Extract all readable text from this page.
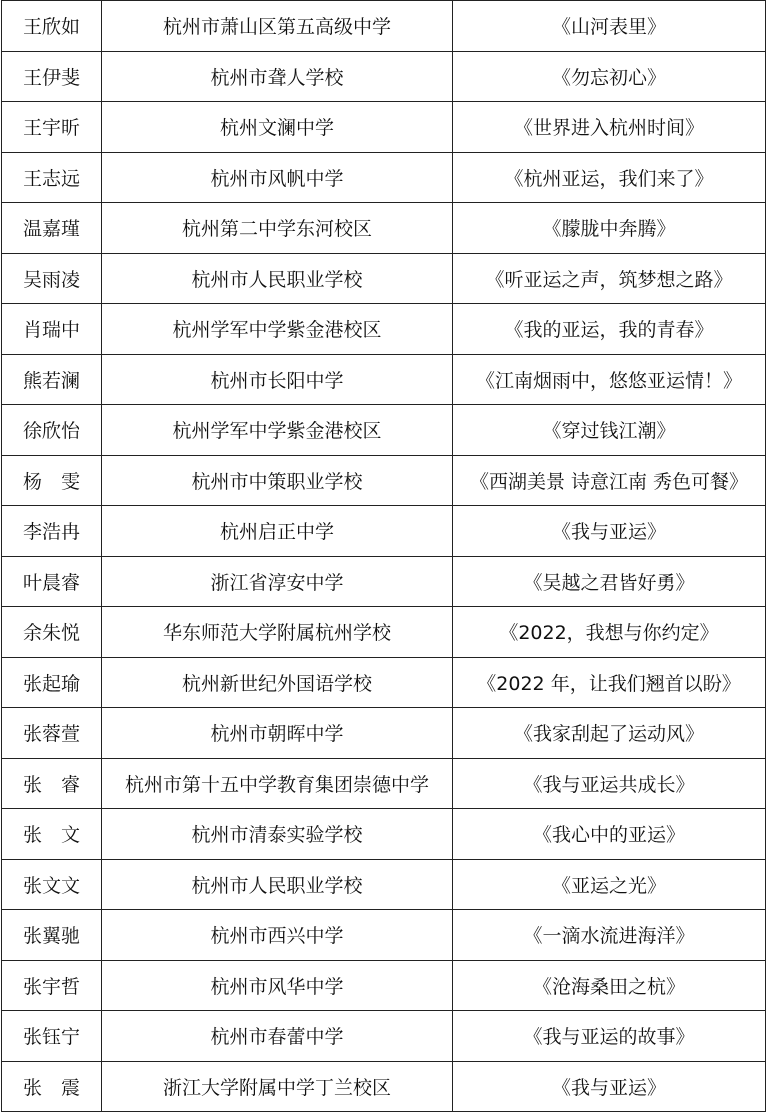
王欣如	杭州市萧山区第五高级中学	《山河表里》
王伊斐	杭州市聋人学校	《勿忘初心》
王宇昕	杭州文澜中学	《世界进入杭州时间》
王志远	杭州市风帆中学	《杭州亚运，我们来了》
温嘉瑾	杭州第二中学东河校区	《朦胧中奔腾》
吴雨凌	杭州市人民职业学校	《听亚运之声，筑梦想之路》
肖瑞中	杭州学军中学紫金港校区	《我的亚运，我的青春》
熊若澜	杭州市长阳中学	《江南烟雨中，悠悠亚运情！》
徐欣怡	杭州学军中学紫金港校区	《穿过钱江潮》
杨　雯	杭州市中策职业学校	《西湖美景 诗意江南 秀色可餐》
李浩冉	杭州启正中学	《我与亚运》
叶晨睿	浙江省淳安中学	《吴越之君皆好勇》
余朱悦	华东师范大学附属杭州学校	《2022，我想与你约定》
张起瑜	杭州新世纪外国语学校	《2022 年，让我们翘首以盼》
张蓉萱	杭州市朝晖中学	《我家刮起了运动风》
张　睿	杭州市第十五中学教育集团崇德中学	《我与亚运共成长》
张　文	杭州市清泰实验学校	《我心中的亚运》
张文文	杭州市人民职业学校	《亚运之光》
张翼驰	杭州市西兴中学	《一滴水流进海洋》
张宇哲	杭州市风华中学	《沧海桑田之杭》
张钰宁	杭州市春蕾中学	《我与亚运的故事》
张　震	浙江大学附属中学丁兰校区	《我与亚运》
